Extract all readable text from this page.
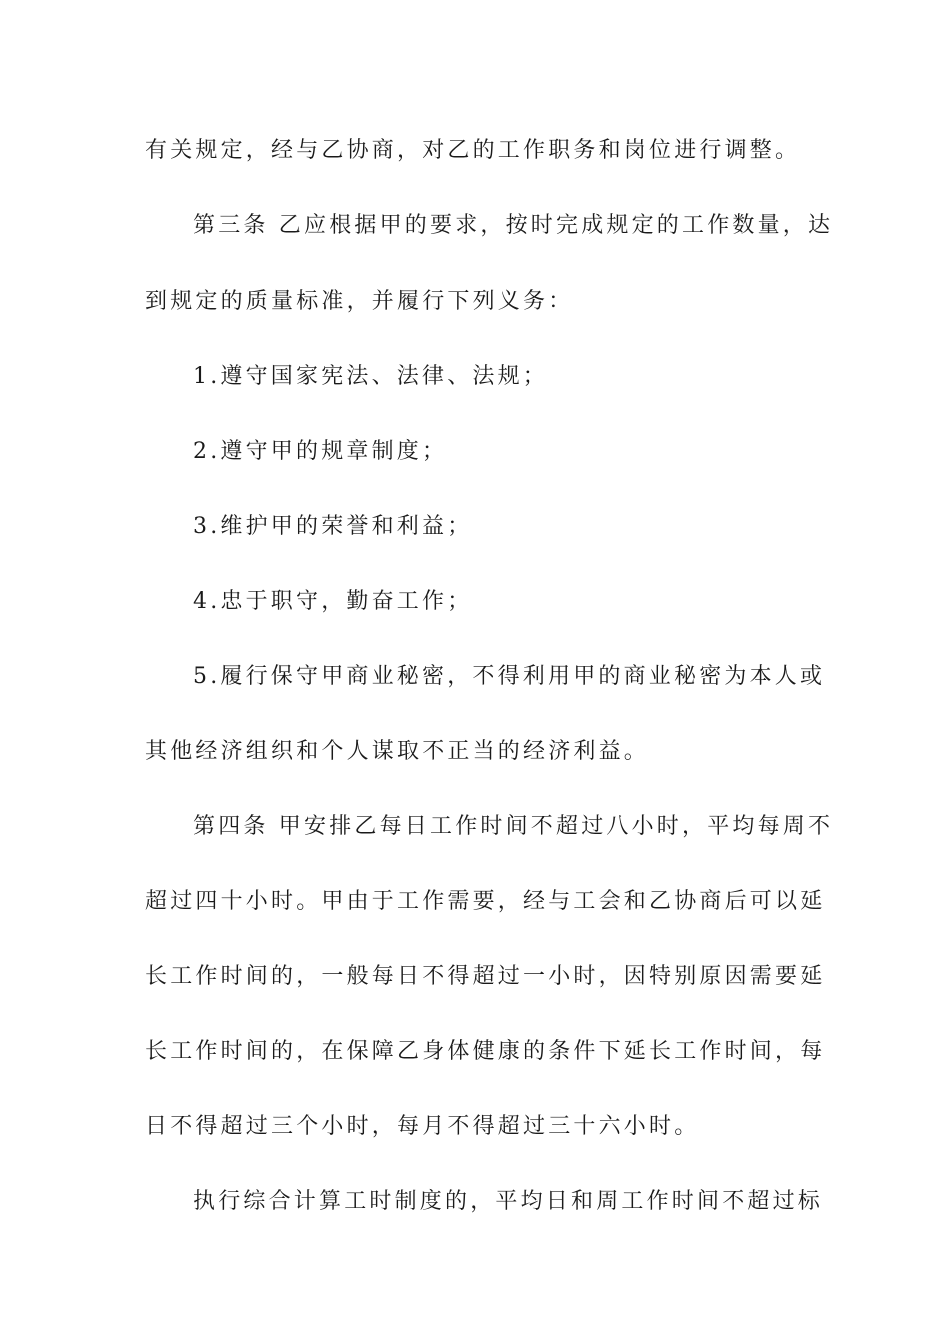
有关规定，经与乙协商，对乙的工作职务和岗位进行调整。
第三条 乙应根据甲的要求，按时完成规定的工作数量，达
到规定的质量标准，并履行下列义务：
1.遵守国家宪法、法律、法规；
2.遵守甲的规章制度；
3.维护甲的荣誉和利益；
4.忠于职守，勤奋工作；
5.履行保守甲商业秘密，不得利用甲的商业秘密为本人或
其他经济组织和个人谋取不正当的经济利益。
第四条 甲安排乙每日工作时间不超过八小时，平均每周不
超过四十小时。甲由于工作需要，经与工会和乙协商后可以延
长工作时间的，一般每日不得超过一小时，因特别原因需要延
长工作时间的，在保障乙身体健康的条件下延长工作时间，每
日不得超过三个小时，每月不得超过三十六小时。
执行综合计算工时制度的，平均日和周工作时间不超过标
